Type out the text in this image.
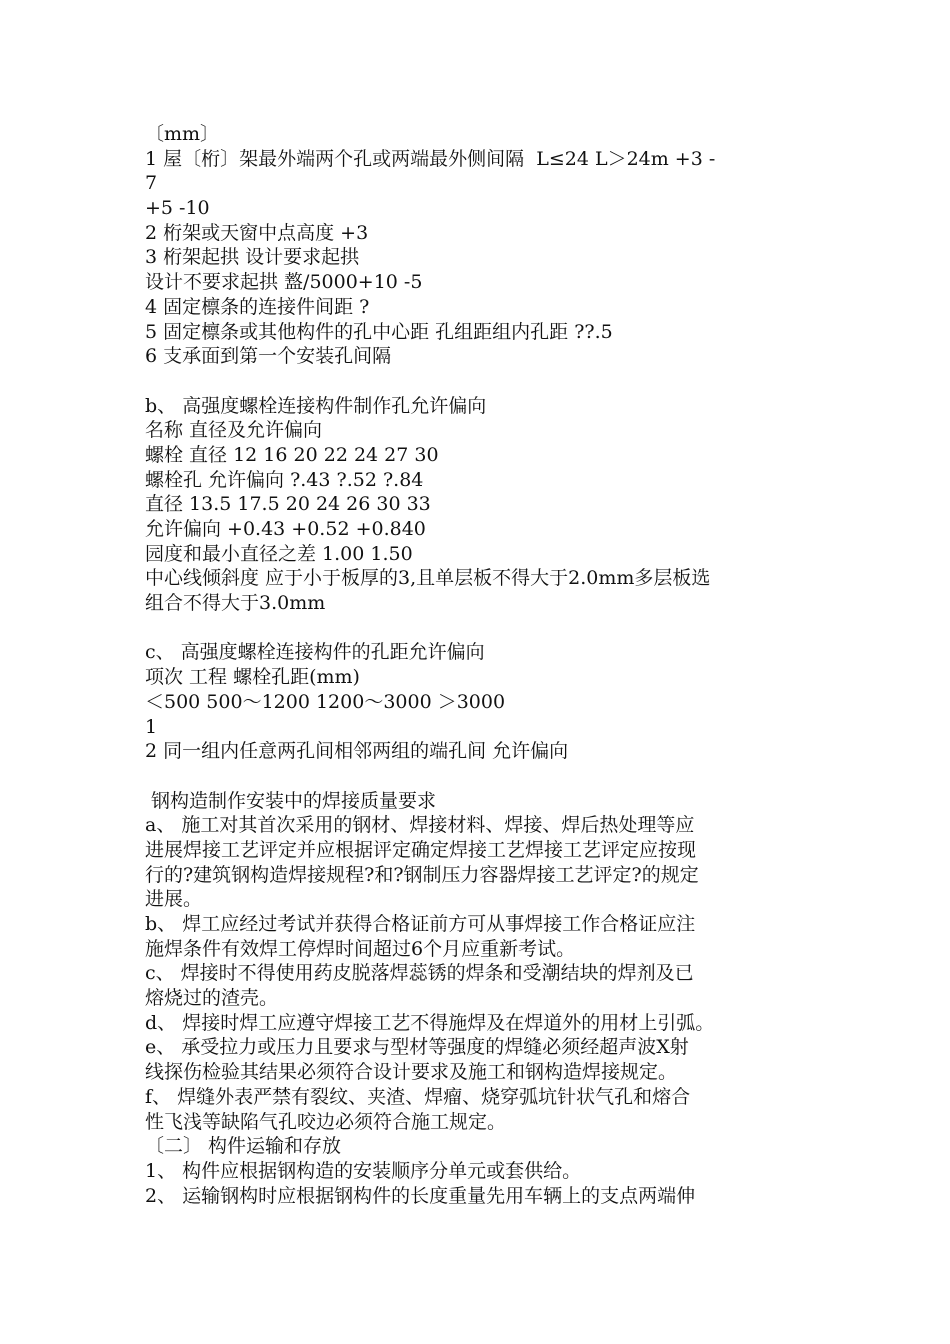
〔mm〕
1 屋〔桁〕架最外端两个孔或两端最外侧间隔  L≤24 L＞24m +3 -
7
+5 -10
2 桁架或天窗中点高度 +3
3 桁架起拱 设计要求起拱
设计不要求起拱 盩/5000+10 -5
4 固定檩条的连接件间距 ?
5 固定檩条或其他构件的孔中心距 孔组距组内孔距 ??.5
6 支承面到第一个安装孔间隔
b、 高强度螺栓连接构件制作孔允许偏向
名称 直径及允许偏向
螺栓 直径 12 16 20 22 24 27 30
螺栓孔 允许偏向 ?.43 ?.52 ?.84
直径 13.5 17.5 20 24 26 30 33
允许偏向 +0.43 +0.52 +0.840
园度和最小直径之差 1.00 1.50
中心线倾斜度 应于小于板厚的3,且单层板不得大于2.0mm多层板选
组合不得大于3.0mm
c、 高强度螺栓连接构件的孔距允许偏向
项次 工程 螺栓孔距(mm)
＜500 500～1200 1200～3000 ＞3000
1
2 同一组内任意两孔间相邻两组的端孔间 允许偏向
钢构造制作安装中的焊接质量要求
a、 施工对其首次采用的钢材、焊接材料、焊接、焊后热处理等应
进展焊接工艺评定并应根据评定确定焊接工艺焊接工艺评定应按现
行的?建筑钢构造焊接规程?和?钢制压力容器焊接工艺评定?的规定
进展。
b、 焊工应经过考试并获得合格证前方可从事焊接工作合格证应注
施焊条件有效焊工停焊时间超过6个月应重新考试。
c、 焊接时不得使用药皮脱落焊蕊锈的焊条和受潮结块的焊剂及已
熔烧过的渣壳。
d、 焊接时焊工应遵守焊接工艺不得施焊及在焊道外的用材上引弧。
e、 承受拉力或压力且要求与型材等强度的焊缝必须经超声波X射
线探伤检验其结果必须符合设计要求及施工和钢构造焊接规定。
f、 焊缝外表严禁有裂纹、夹渣、焊瘤、烧穿弧坑针状气孔和熔合
性飞浅等缺陷气孔咬边必须符合施工规定。
〔二〕 构件运输和存放
1、 构件应根据钢构造的安装顺序分单元或套供给。
2、 运输钢构时应根据钢构件的长度重量先用车辆上的支点两端伸
